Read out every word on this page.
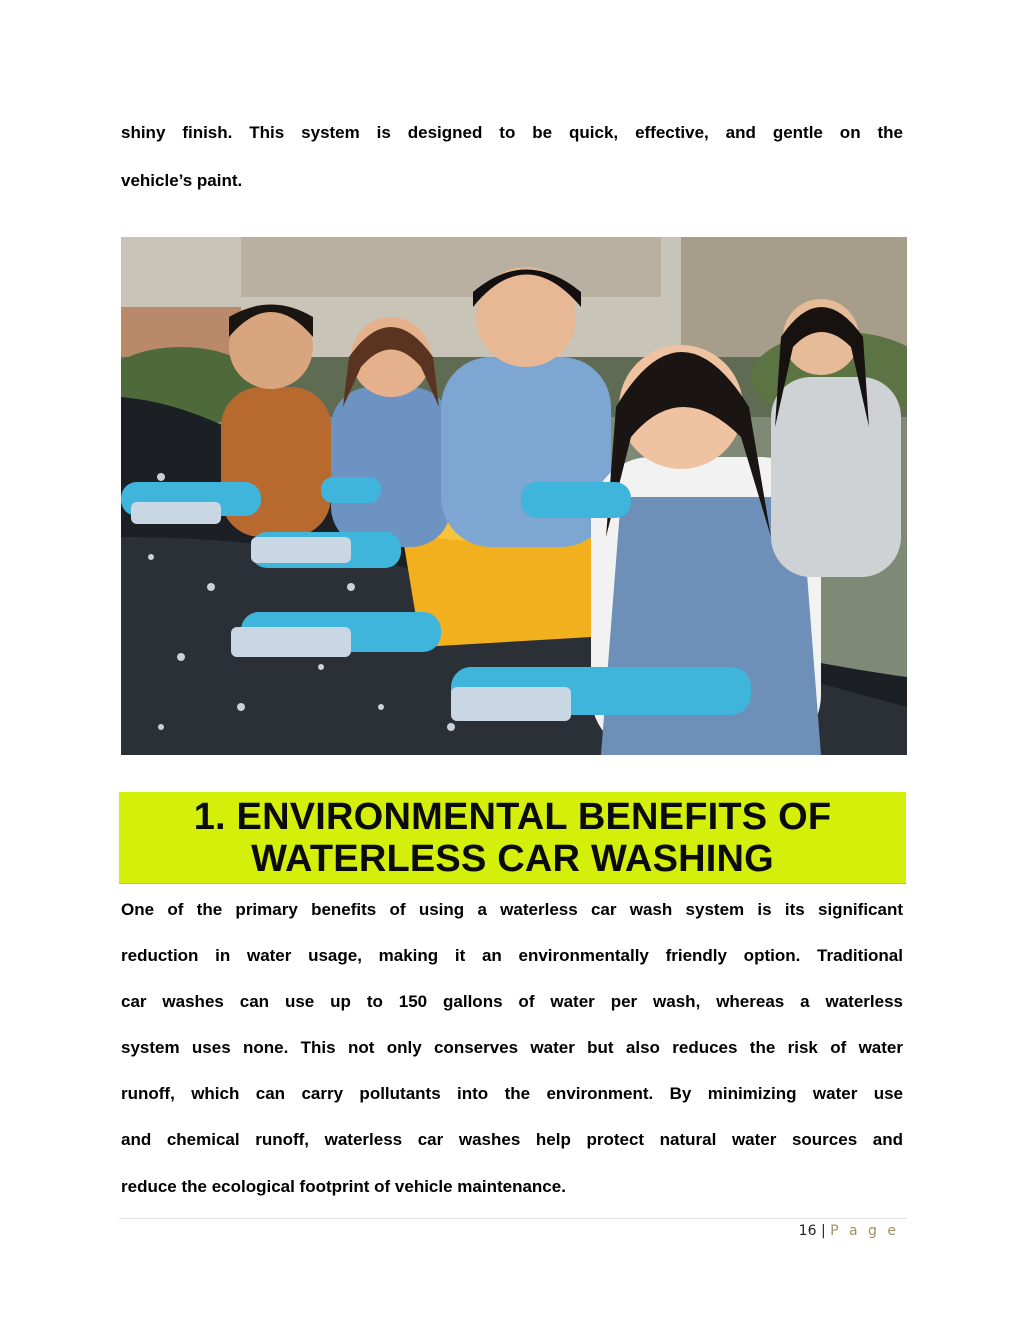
shiny finish. This system is designed to be quick, effective, and gentle on the
vehicle’s paint.
1. ENVIRONMENTAL BENEFITS OF
WATERLESS CAR WASHING
One of the primary benefits of using a waterless car wash system is its significant
reduction in water usage, making it an environmentally friendly option. Traditional
car washes can use up to 150 gallons of water per wash, whereas a waterless
system uses none. This not only conserves water but also reduces the risk of water
runoff, which can carry pollutants into the environment. By minimizing water use
and chemical runoff, waterless car washes help protect natural water sources and
reduce the ecological footprint of vehicle maintenance.
16 | P a g e
